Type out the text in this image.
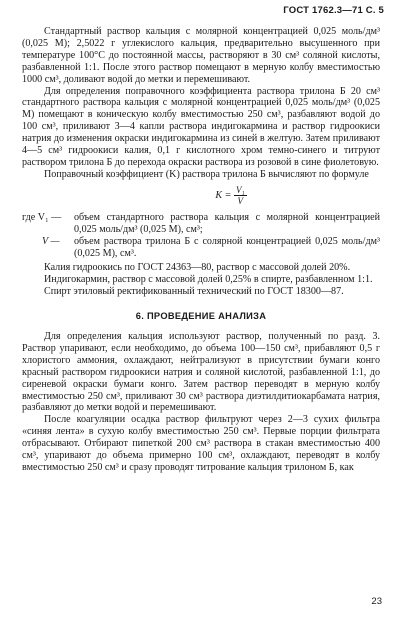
ГОСТ 1762.3—71 С. 5

Стандартный раствор кальция с молярной концентрацией 0,025 моль/дм³ (0,025 М); 2,5022 г углекислого кальция, предварительно высушенного при температуре 100°С до постоянной массы, растворяют в 30 см³ соляной кислоты, разбавленной 1:1. После этого раствор помещают в мерную колбу вместимостью 1000 см³, доливают водой до метки и перемешивают.

Для определения поправочного коэффициента раствора трилона Б 20 см³ стандартного раствора кальция с молярной концентрацией 0,025 моль/дм³ (0,025 М) помещают в коническую колбу вместимостью 250 см³, разбавляют водой до 100 см³, приливают 3—4 капли раствора индигокармина и раствор гидроокиси натрия до изменения окраски индигокармина из синей в желтую. Затем приливают 4—5 см³ гидроокиси калия, 0,1 г кислотного хром темно-синего и титруют раствором трилона Б до перехода окраски раствора из розовой в сине фиолетовую.

Поправочный коэффициент (K) раствора трилона Б вычисляют по формуле

$K = \frac{\text{V₁}}{V}$
где V₁ — объем стандартного раствора кальция с молярной концентрацией 0,025 моль/дм³ (0,025 М), см³;
V — объем раствора трилона Б с солярной концентрацией 0,025 моль/дм³ (0,025 М), см³.

Калия гидроокись по ГОСТ 24363—80, раствор с массовой долей 20%.

Индигокармин, раствор с массовой долей 0,25% в спирте, разбавленном 1:1.

Спирт этиловый ректификованный технический по ГОСТ 18300—87.

6. ПРОВЕДЕНИЕ АНАЛИЗА

Для определения кальция используют раствор, полученный по разд. 3. Раствор упаривают, если необходимо, до объема 100—150 см³, прибавляют 0,5 г хлористого аммония, охлаждают, нейтрализуют в присутствии бумаги конго красный раствором гидроокиси натрия и соляной кислотой, разбавленной 1:1, до сиреневой окраски бумаги конго. Затем раствор переводят в мерную колбу вместимостью 250 см³, приливают 30 см³ раствора диэтилдитиокарбамата натрия, разбавляют до метки водой и перемешивают.

После коагуляции осадка раствор фильтруют через 2—3 сухих фильтра «синяя лента» в сухую колбу вместимостью 250 см³. Первые порции фильтрата отбрасывают. Отбирают пипеткой 200 см³ раствора в стакан вместимостью 400 см³, упаривают до объема примерно 100 см³, охлаждают, переводят в колбу вместимостью 250 см³ и сразу проводят титрование кальция трилоном Б, как

23
